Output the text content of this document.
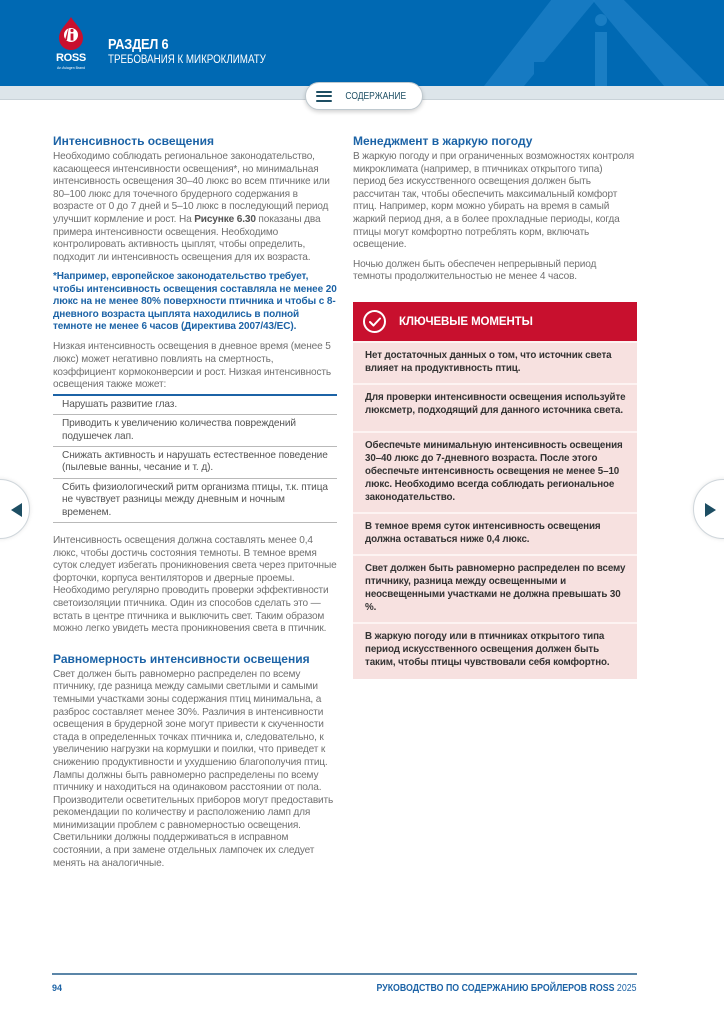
ROSS
An Aviagen Brand
РАЗДЕЛ 6
ТРЕБОВАНИЯ К МИКРОКЛИМАТУ
СОДЕРЖАНИЕ
Интенсивность освещения

Необходимо соблюдать региональное законодательство, касающееся интенсивности освещения*, но минимальная интенсивность освещения 30–40 люкс во всем птичнике или 80–100 люкс для точечного брудерного содержания в возрасте от 0 до 7 дней и 5–10 люкс в последующий период улучшит кормление и рост. На Рисунке 6.30 показаны два примера интенсивности освещения. Необходимо контролировать активность цыплят, чтобы определить, подходит ли интенсивность освещения для их возраста.

*Например, европейское законодательство требует, чтобы интенсивность освещения составляла не менее 20 люкс на не менее 80% поверхности птичника и чтобы с 8-дневного возраста цыплята находились в полной темноте не менее 6 часов (Директива 2007/43/EC).

Низкая интенсивность освещения в дневное время (менее 5 люкс) может негативно повлиять на смертность, коэффициент кормоконверсии и рост. Низкая интенсивность освещения также может:

Нарушать развитие глаз.
Приводить к увеличению количества повреждений подушечек лап.
Снижать активность и нарушать естественное поведение (пылевые ванны, чесание и т. д).
Сбить физиологический ритм организма птицы, т.к. птица не чувствует разницы между дневным и ночным временем.

Интенсивность освещения должна составлять менее 0,4 люкс, чтобы достичь состояния темноты. В темное время суток следует избегать проникновения света через приточные форточки, корпуса вентиляторов и дверные проемы. Необходимо регулярно проводить проверки эффективности светоизоляции птичника. Один из способов сделать это — встать в центре птичника и выключить свет. Таким образом можно легко увидеть места проникновения света в птичник.

Равномерность интенсивности освещения

Свет должен быть равномерно распределен по всему птичнику, где разница между самыми светлыми и самыми темными участками зоны содержания птиц минимальна, а разброс составляет менее 30%. Различия в интенсивности освещения в брудерной зоне могут привести к скученности стада в определенных точках птичника и, следовательно, к увеличению нагрузки на кормушки и поилки, что приведет к снижению продуктивности и ухудшению благополучия птиц. Лампы должны быть равномерно распределены по всему птичнику и находиться на одинаковом расстоянии от пола. Производители осветительных приборов могут предоставить рекомендации по количеству и расположению ламп для минимизации проблем с равномерностью освещения. Светильники должны поддерживаться в исправном состоянии, а при замене отдельных лампочек их следует менять на аналогичные.

Менеджмент в жаркую погоду

В жаркую погоду и при ограниченных возможностях контроля микроклимата (например, в птичниках открытого типа) период без искусственного освещения должен быть рассчитан так, чтобы обеспечить максимальный комфорт птиц. Например, корм можно убирать на время в самый жаркий период дня, а в более прохладные периоды, когда птицы могут комфортно потреблять корм, включать освещение.

Ночью должен быть обеспечен непрерывный период темноты продолжительностью не менее 4 часов.

КЛЮЧЕВЫЕ МОМЕНТЫ
Нет достаточных данных о том, что источник света влияет на продуктивность птиц.
Для проверки интенсивности освещения используйте люксметр, подходящий для данного источника света.
Обеспечьте минимальную интенсивность освещения 30–40 люкс до 7-дневного возраста. После этого обеспечьте интенсивность освещения не менее 5–10 люкс. Необходимо всегда соблюдать региональное законодательство.
В темное время суток интенсивность освещения должна оставаться ниже 0,4 люкс.
Свет должен быть равномерно распределен по всему птичнику, разница между освещенными и неосвещенными участками не должна превышать 30 %.
В жаркую погоду или в птичниках открытого типа период искусственного освещения должен быть таким, чтобы птицы чувствовали себя комфортно.
94	РУКОВОДСТВО ПО СОДЕРЖАНИЮ БРОЙЛЕРОВ ROSS 2025
